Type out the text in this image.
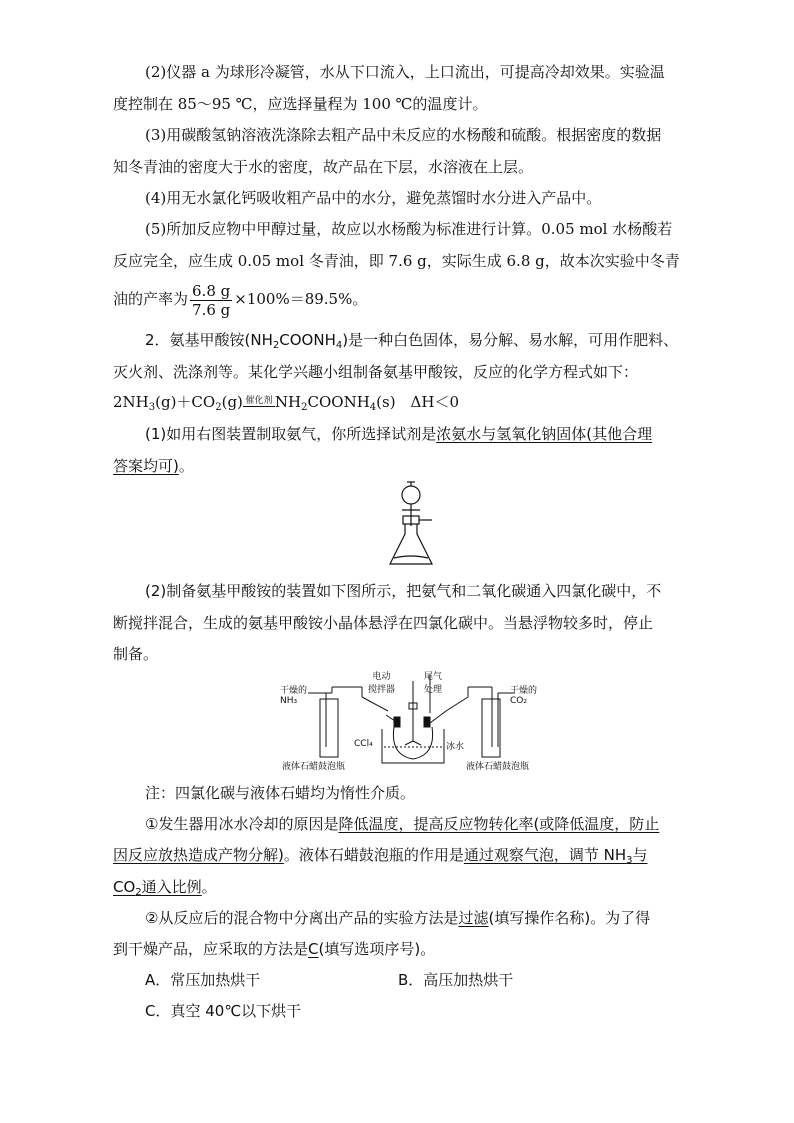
(2)仪器 a 为球形冷凝管，水从下口流入，上口流出，可提高冷却效果。实验温
度控制在 85～95 ℃，应选择量程为 100 ℃的温度计。
(3)用碳酸氢钠溶液洗涤除去粗产品中未反应的水杨酸和硫酸。根据密度的数据
知冬青油的密度大于水的密度，故产品在下层，水溶液在上层。
(4)用无水氯化钙吸收粗产品中的水分，避免蒸馏时水分进入产品中。
(5)所加反应物中甲醇过量，故应以水杨酸为标准进行计算。0.05 mol 水杨酸若
反应完全，应生成 0.05 mol 冬青油，即 7.6 g，实际生成 6.8 g，故本次实验中冬青
油的产率为 $\frac{6.8 g}{7.6 g} \times 100\%=89.5\%$。
2．氨基甲酸铵$(NH_2COONH_4)$是一种白色固体，易分解、易水解，可用作肥料、
灭火剂、洗涤剂等。某化学兴趣小组制备氨基甲酸铵，反应的化学方程式如下：
$2NH_3(g)+CO_2(g)$ 催化剂 $NH_2COONH_4(s)$　ΔH＜0
(1)如用右图装置制取氨气，你所选择试剂是浓氨水与氢氧化钠固体(其他合理
答案均可)。
(2)制备氨基甲酸铵的装置如下图所示，把氨气和二氧化碳通入四氯化碳中，不
断搅拌混合，生成的氨基甲酸铵小晶体悬浮在四氯化碳中。当悬浮物较多时，停止
制备。
干燥的
NH₃
电动
搅拌器
尾气
处理	干燥的
CO₂
CCl₄	冰水
液体石蜡鼓泡瓶	液体石蜡鼓泡瓶
注：四氯化碳与液体石蜡均为惰性介质。
①发生器用冰水冷却的原因是降低温度，提高反应物转化率(或降低温度，防止
因反应放热造成产物分解)。液体石蜡鼓泡瓶的作用是通过观察气泡，调节 $NH_3$与
$CO_2$通入比例。
②从反应后的混合物中分离出产品的实验方法是过滤(填写操作名称)。为了得
到干燥产品，应采取的方法是C(填写选项序号)。
A．常压加热烘干	B．高压加热烘干
C．真空 40℃以下烘干
